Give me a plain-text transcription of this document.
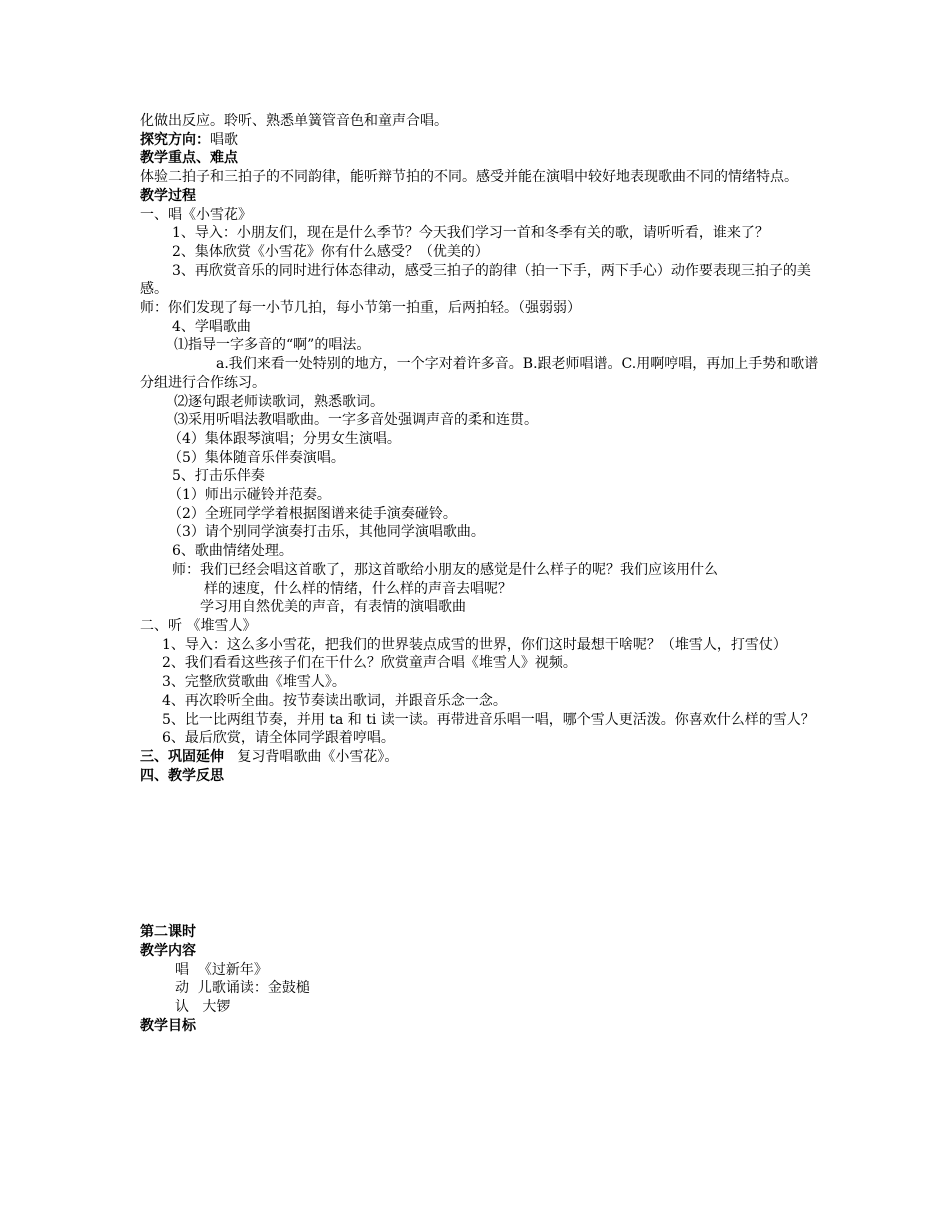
化做出反应。聆听、熟悉单簧管音色和童声合唱。
探究方向：唱歌
教学重点、难点
体验二拍子和三拍子的不同韵律，能听辩节拍的不同。感受并能在演唱中较好地表现歌曲不同的情绪特点。
教学过程
一、唱《小雪花》
1、导入：小朋友们，现在是什么季节？今天我们学习一首和冬季有关的歌，请听听看，谁来了？
2、集体欣赏《小雪花》你有什么感受？（优美的）
3、再欣赏音乐的同时进行体态律动，感受三拍子的韵律（拍一下手，两下手心）动作要表现三拍子的美感。
师：你们发现了每一小节几拍，每小节第一拍重，后两拍轻。（强弱弱）
4、学唱歌曲
⑴指导一字多音的“啊”的唱法。
a.我们来看一处特别的地方，一个字对着许多音。B.跟老师唱谱。C.用啊哼唱，再加上手势和歌谱分组进行合作练习。
⑵逐句跟老师读歌词，熟悉歌词。
⑶采用听唱法教唱歌曲。一字多音处强调声音的柔和连贯。
（4）集体跟琴演唱；分男女生演唱。
（5）集体随音乐伴奏演唱。
5、打击乐伴奏
（1）师出示碰铃并范奏。
（2）全班同学学着根据图谱来徒手演奏碰铃。
（3）请个别同学演奏打击乐，其他同学演唱歌曲。
6、歌曲情绪处理。
师：我们已经会唱这首歌了，那这首歌给小朋友的感觉是什么样子的呢？我们应该用什么
样的速度，什么样的情绪，什么样的声音去唱呢？
学习用自然优美的声音，有表情的演唱歌曲
二、听 《堆雪人》
1、导入：这么多小雪花，把我们的世界装点成雪的世界，你们这时最想干啥呢？（堆雪人，打雪仗）
2、我们看看这些孩子们在干什么？欣赏童声合唱《堆雪人》视频。
3、完整欣赏歌曲《堆雪人》。
4、再次聆听全曲。按节奏读出歌词，并跟音乐念一念。
5、比一比两组节奏，并用 ta 和 ti 读一读。再带进音乐唱一唱，哪个雪人更活泼。你喜欢什么样的雪人？
6、最后欣赏，请全体同学跟着哼唱。
三、巩固延伸   复习背唱歌曲《小雪花》。
四、教学反思
第二课时
教学内容
唱  《过新年》
动  儿歌诵读：金鼓槌
认   大锣
教学目标
